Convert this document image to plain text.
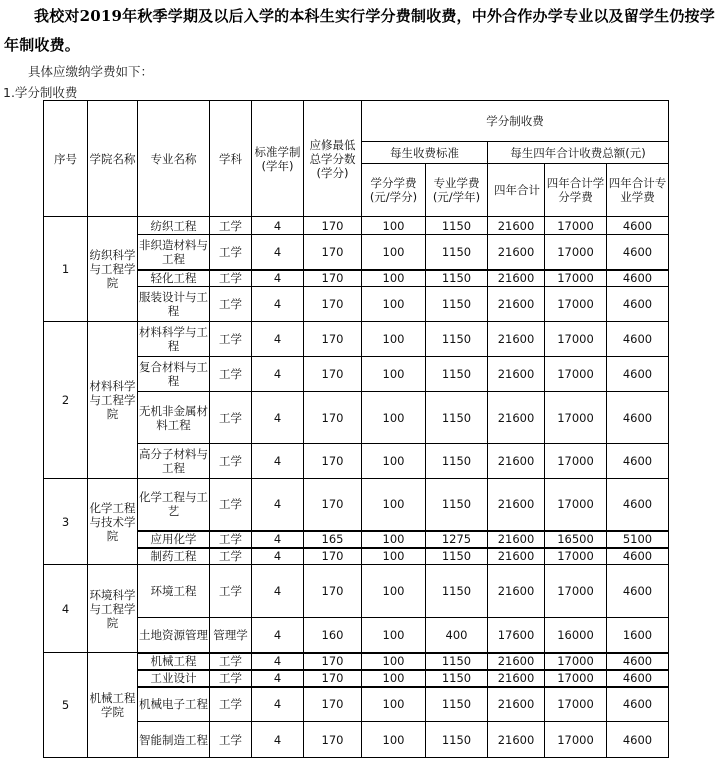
我校对2019年秋季学期及以后入学的本科生实行学分费制收费，中外合作办学专业以及留学生仍按学年制收费。
具体应缴纳学费如下：
1.学分制收费
序号	学院名称	专业名称	学科	标准学制(学年)	应修最低总学分数(学分)	学分制收费				
						每生收费标准		每生四年合计收费总额(元)		
						学分学费(元/学分)	专业学费(元/学年)	四年合计	四年合计学分学费	四年合计专业学费
1	纺织科学与工程学院	纺织工程	工学	4	170	100	1150	21600	17000	4600
		非织造材料与工程	工学	4	170	100	1150	21600	17000	4600
		轻化工程	工学	4	170	100	1150	21600	17000	4600
		服装设计与工程	工学	4	170	100	1150	21600	17000	4600
2	材料科学与工程学院	材料科学与工程	工学	4	170	100	1150	21600	17000	4600
		复合材料与工程	工学	4	170	100	1150	21600	17000	4600
		无机非金属材料工程	工学	4	170	100	1150	21600	17000	4600
		高分子材料与工程	工学	4	170	100	1150	21600	17000	4600
3	化学工程与技术学院	化学工程与工艺	工学	4	170	100	1150	21600	17000	4600
		应用化学	工学	4	165	100	1275	21600	16500	5100
		制药工程	工学	4	170	100	1150	21600	17000	4600
4	环境科学与工程学院	环境工程	工学	4	170	100	1150	21600	17000	4600
		土地资源管理	管理学	4	160	100	400	17600	16000	1600
5	机械工程学院	机械工程	工学	4	170	100	1150	21600	17000	4600
		工业设计	工学	4	170	100	1150	21600	17000	4600
		机械电子工程	工学	4	170	100	1150	21600	17000	4600
		智能制造工程	工学	4	170	100	1150	21600	17000	4600
